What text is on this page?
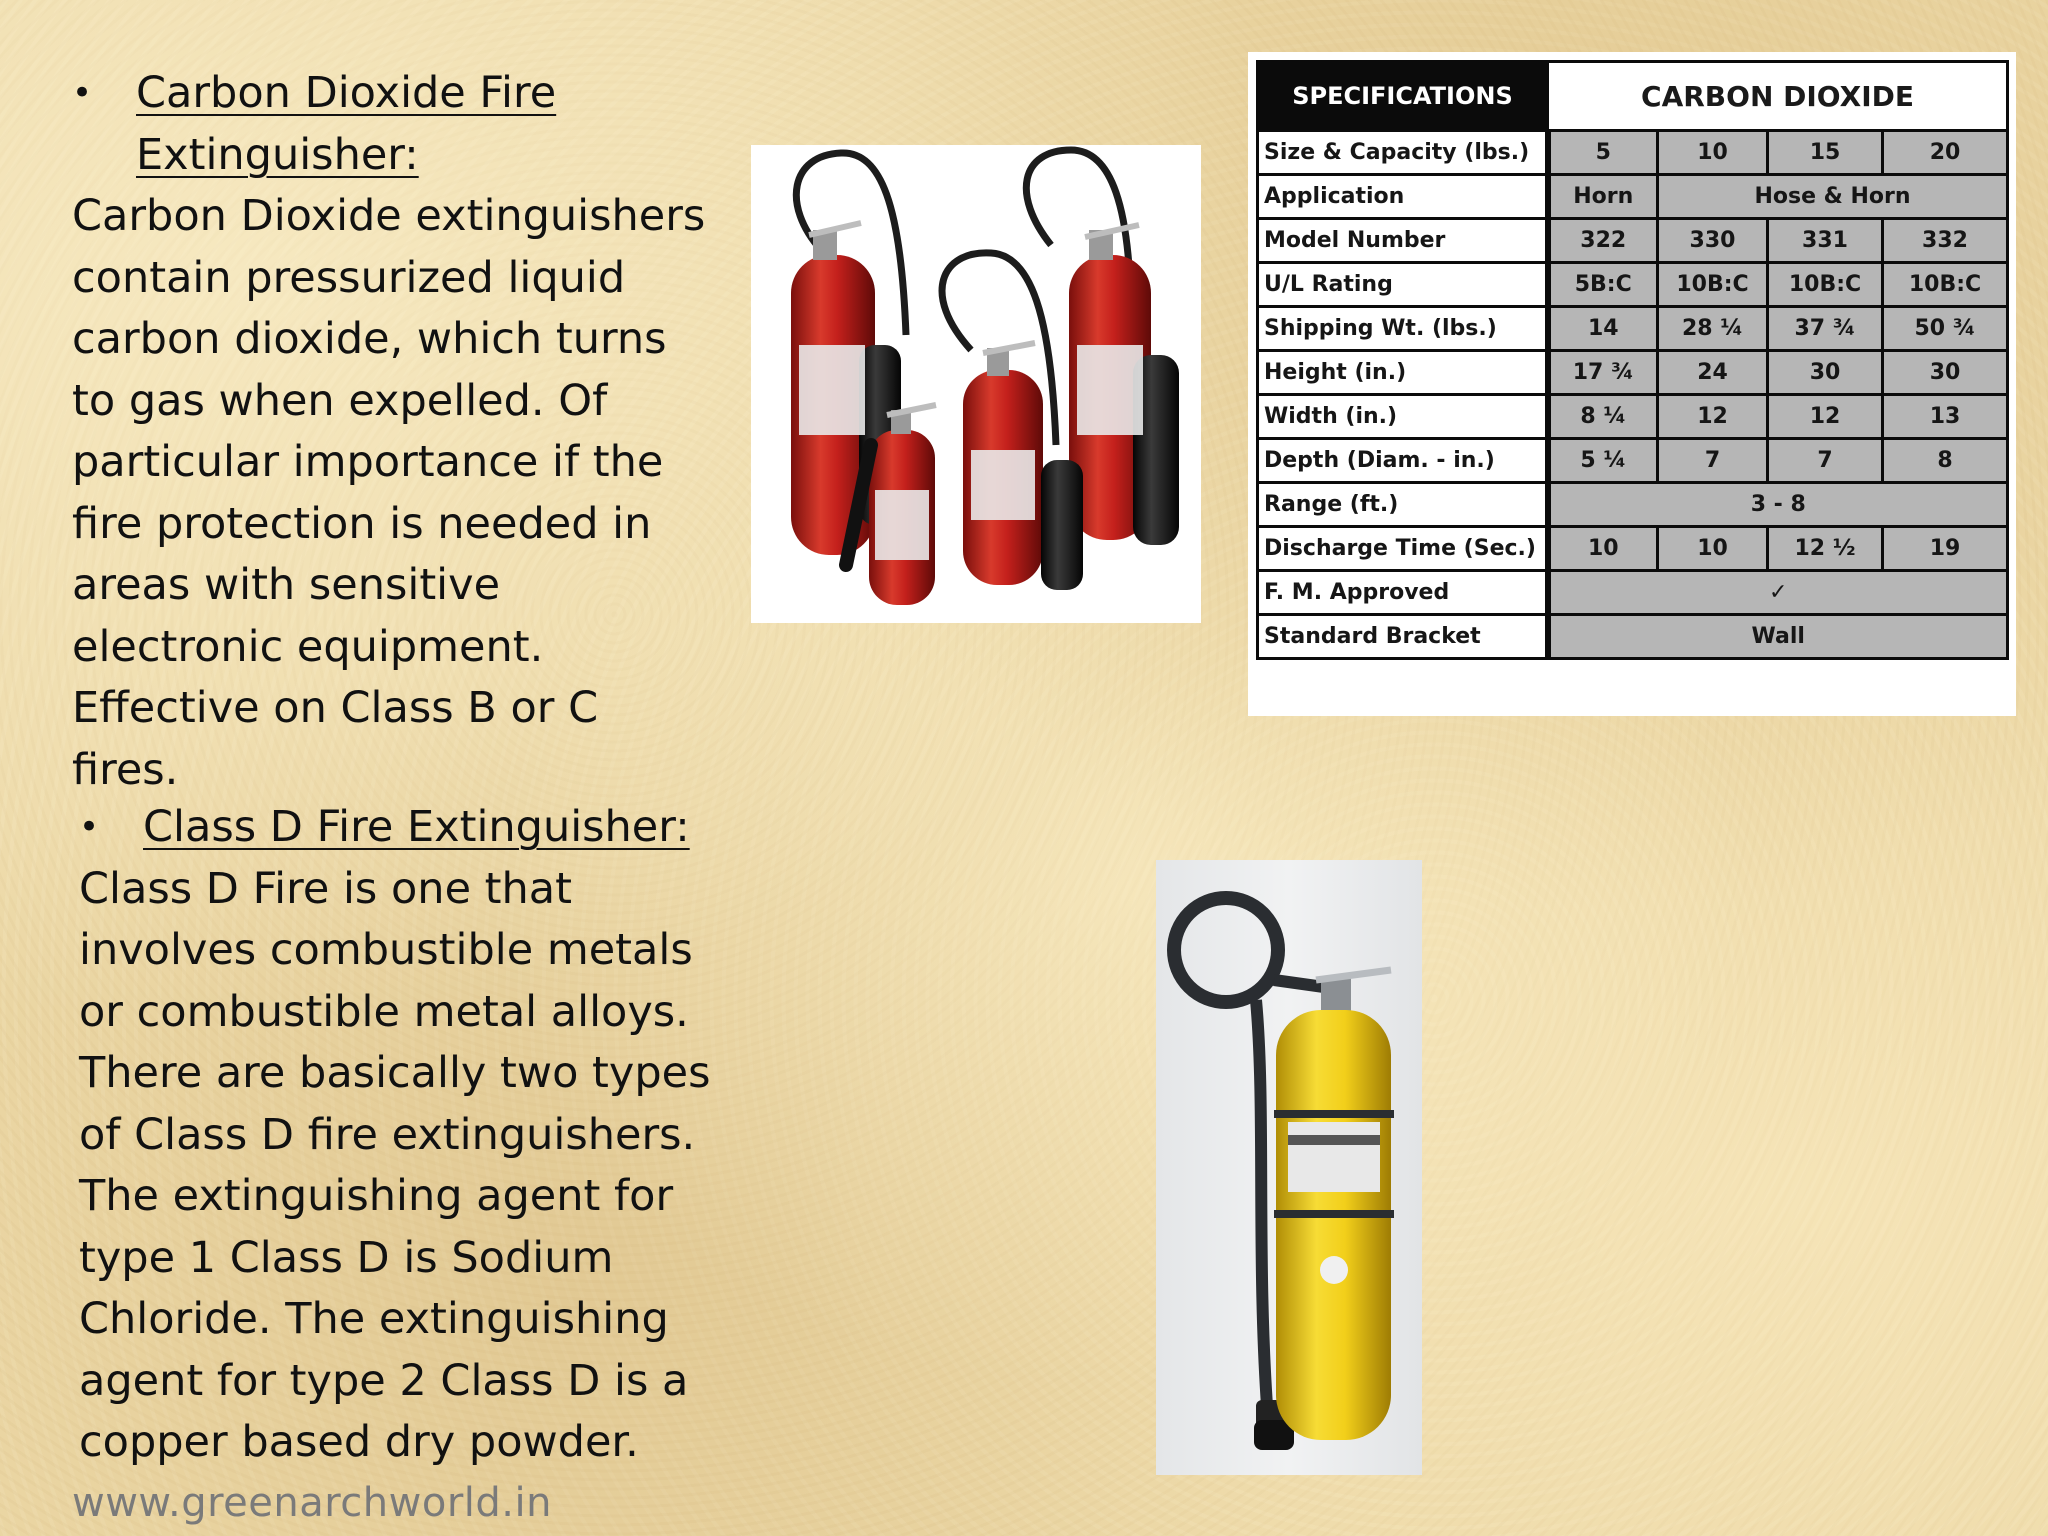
• Carbon Dioxide Fire
Extinguisher:

Carbon Dioxide extinguishers

contain pressurized liquid

carbon dioxide, which turns

to gas when expelled. Of

particular importance if the

fire protection is needed in

areas with sensitive

electronic equipment.

Effective on Class B or C fires.

• Class D Fire Extinguisher:

Class D Fire is one that

involves combustible metals

or combustible metal alloys.

There are basically two types

of Class D fire extinguishers.

The extinguishing agent for

type 1 Class D is Sodium

Chloride. The extinguishing

agent for type 2 Class D is a

copper based dry powder.

www.greenarchworld.in
SPECIFICATIONS	CARBON DIOXIDE			
Size & Capacity (lbs.)	5	10	15	20
Application	Horn	Hose & Horn		
Model Number	322	330	331	332
U/L Rating	5B:C	10B:C	10B:C	10B:C
Shipping Wt. (lbs.)	14	28 ¼	37 ¾	50 ¾
Height (in.)	17 ¾	24	30	30
Width (in.)	8 ¼	12	12	13
Depth (Diam. - in.)	5 ¼	7	7	8
Range (ft.)	3 - 8			
Discharge Time (Sec.)	10	10	12 ½	19
F. M. Approved	✓			
Standard Bracket	Wall			
